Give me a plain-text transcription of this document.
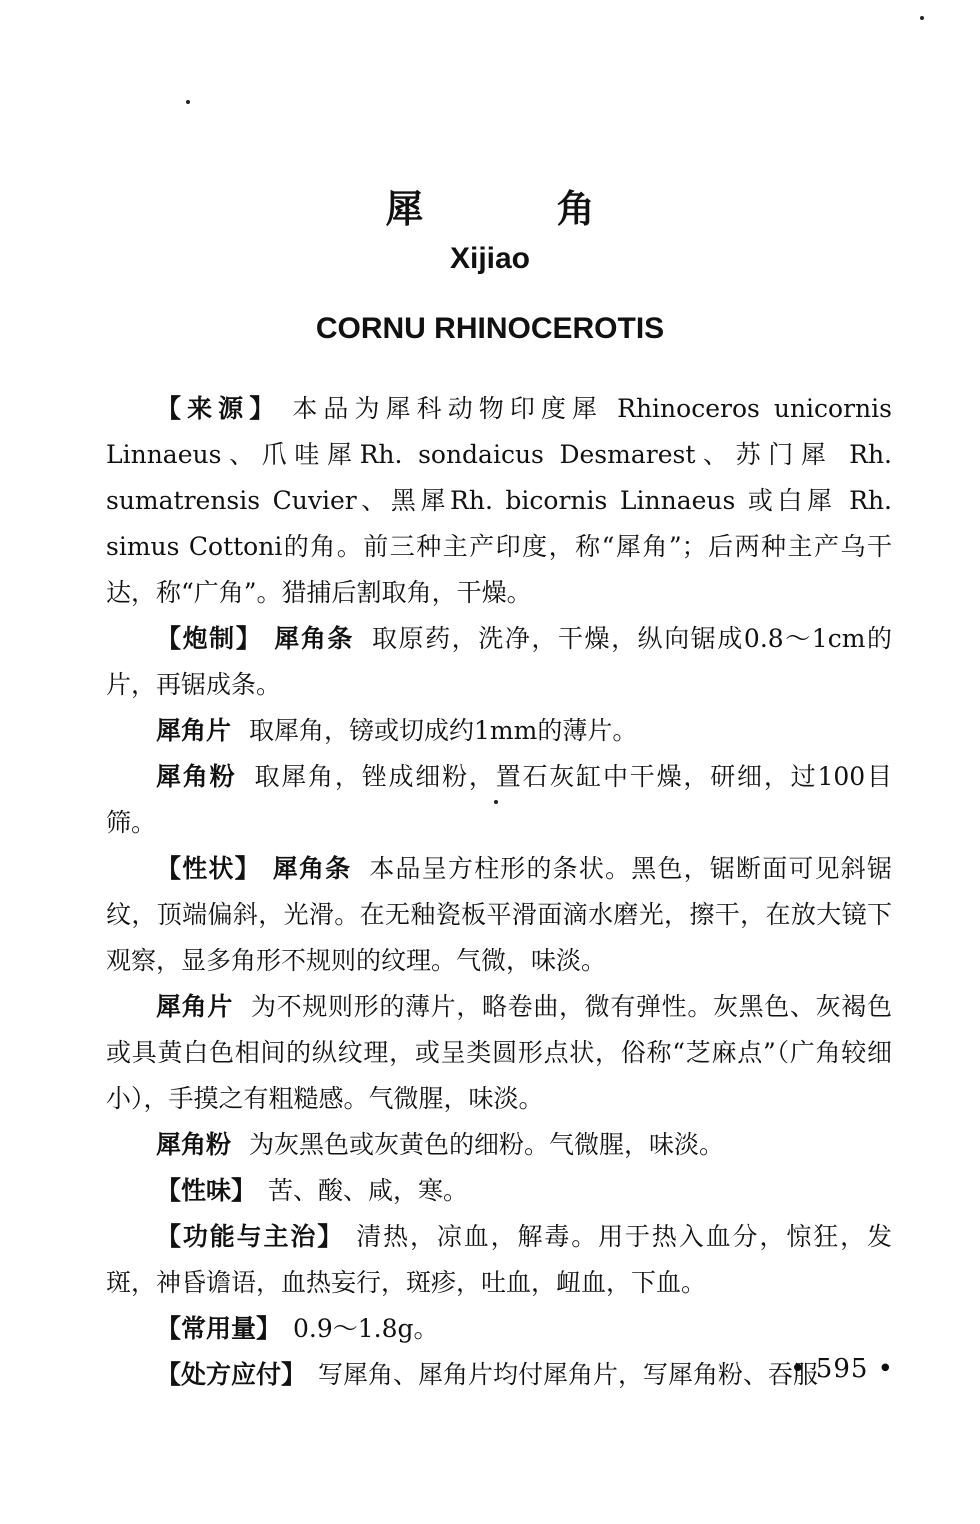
犀 角
Xijiao
CORNU RHINOCEROTIS

【来源】 本品为犀科动物印度犀 Rhinoceros unicornis Linnaeus、爪哇犀Rh. sondaicus Desmarest、苏门犀 Rh. sumatrensis Cuvier、黑犀Rh. bicornis Linnaeus 或白犀 Rh. simus Cottoni的角。前三种主产印度，称“犀角”；后两种主产乌干达，称“广角”。猎捕后割取角，干燥。

【炮制】 犀角条 取原药，洗净，干燥，纵向锯成0.8～1cm的片，再锯成条。

犀角片 取犀角，镑或切成约1mm的薄片。

犀角粉 取犀角，锉成细粉，置石灰缸中干燥，研细，过100目筛。

【性状】 犀角条 本品呈方柱形的条状。黑色，锯断面可见斜锯纹，顶端偏斜，光滑。在无釉瓷板平滑面滴水磨光，擦干，在放大镜下观察，显多角形不规则的纹理。气微，味淡。

犀角片 为不规则形的薄片，略卷曲，微有弹性。灰黑色、灰褐色或具黄白色相间的纵纹理，或呈类圆形点状，俗称“芝麻点”（广角较细小），手摸之有粗糙感。气微腥，味淡。

犀角粉 为灰黑色或灰黄色的细粉。气微腥，味淡。

【性味】 苦、酸、咸，寒。

【功能与主治】 清热，凉血，解毒。用于热入血分，惊狂，发斑，神昏谵语，血热妄行，斑疹，吐血，衄血，下血。

【常用量】 0.9～1.8g。

【处方应付】 写犀角、犀角片均付犀角片，写犀角粉、吞服

• 595 •
